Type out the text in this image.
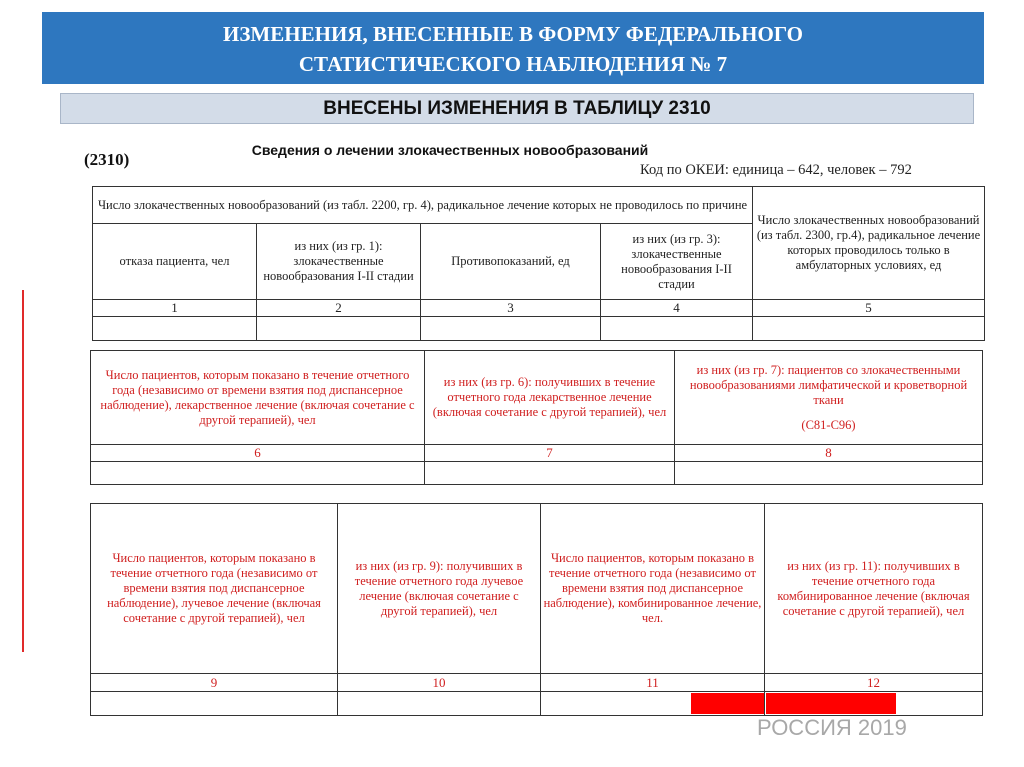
ИЗМЕНЕНИЯ, ВНЕСЕННЫЕ В ФОРМУ ФЕДЕРАЛЬНОГО
СТАТИСТИЧЕСКОГО НАБЛЮДЕНИЯ № 7
ВНЕСЕНЫ ИЗМЕНЕНИЯ В ТАБЛИЦУ 2310
(2310)	Сведения о лечении злокачественных новообразований
Код по ОКЕИ: единица – 642, человек – 792
Число злокачественных новообразований (из табл. 2200, гр. 4), радикальное лечение которых не проводилось по причине				Число злокачественных новообразований (из табл. 2300, гр.4), радикальное лечение которых проводилось только в амбулаторных условиях, ед
отказа пациента, чел	из них (из гр. 1): злокачественные новообразования I-II стадии	Противопоказаний, ед	из них (из гр. 3): злокачественные новообразования I-II стадии	
1	2	3	4	5

Число пациентов, которым показано в течение отчетного года (независимо от времени взятия под диспансерное наблюдение), лекарственное лечение (включая сочетание с другой терапией), чел	из них (из гр. 6): получивших в течение отчетного года лекарственное лечение (включая сочетание с другой терапией), чел	из них (из гр. 7): пациентов со злокачественными новообразованиями лимфатической и кроветворной ткани
(С81-С96)

6	7	8

Число пациентов, которым показано в течение отчетного года (независимо от времени взятия под диспансерное наблюдение), лучевое лечение (включая сочетание с другой терапией), чел	из них (из гр. 9): получивших в течение отчетного года лучевое лечение (включая сочетание с другой терапией), чел	Число пациентов, которым показано в течение отчетного года (независимо от времени взятия под диспансерное наблюдение), комбинированное лечение, чел.	из них (из гр. 11): получивших в течение отчетного года комбинированное лечение (включая сочетание с другой терапией), чел
9	10	11	12

РОССИЯ 2019
